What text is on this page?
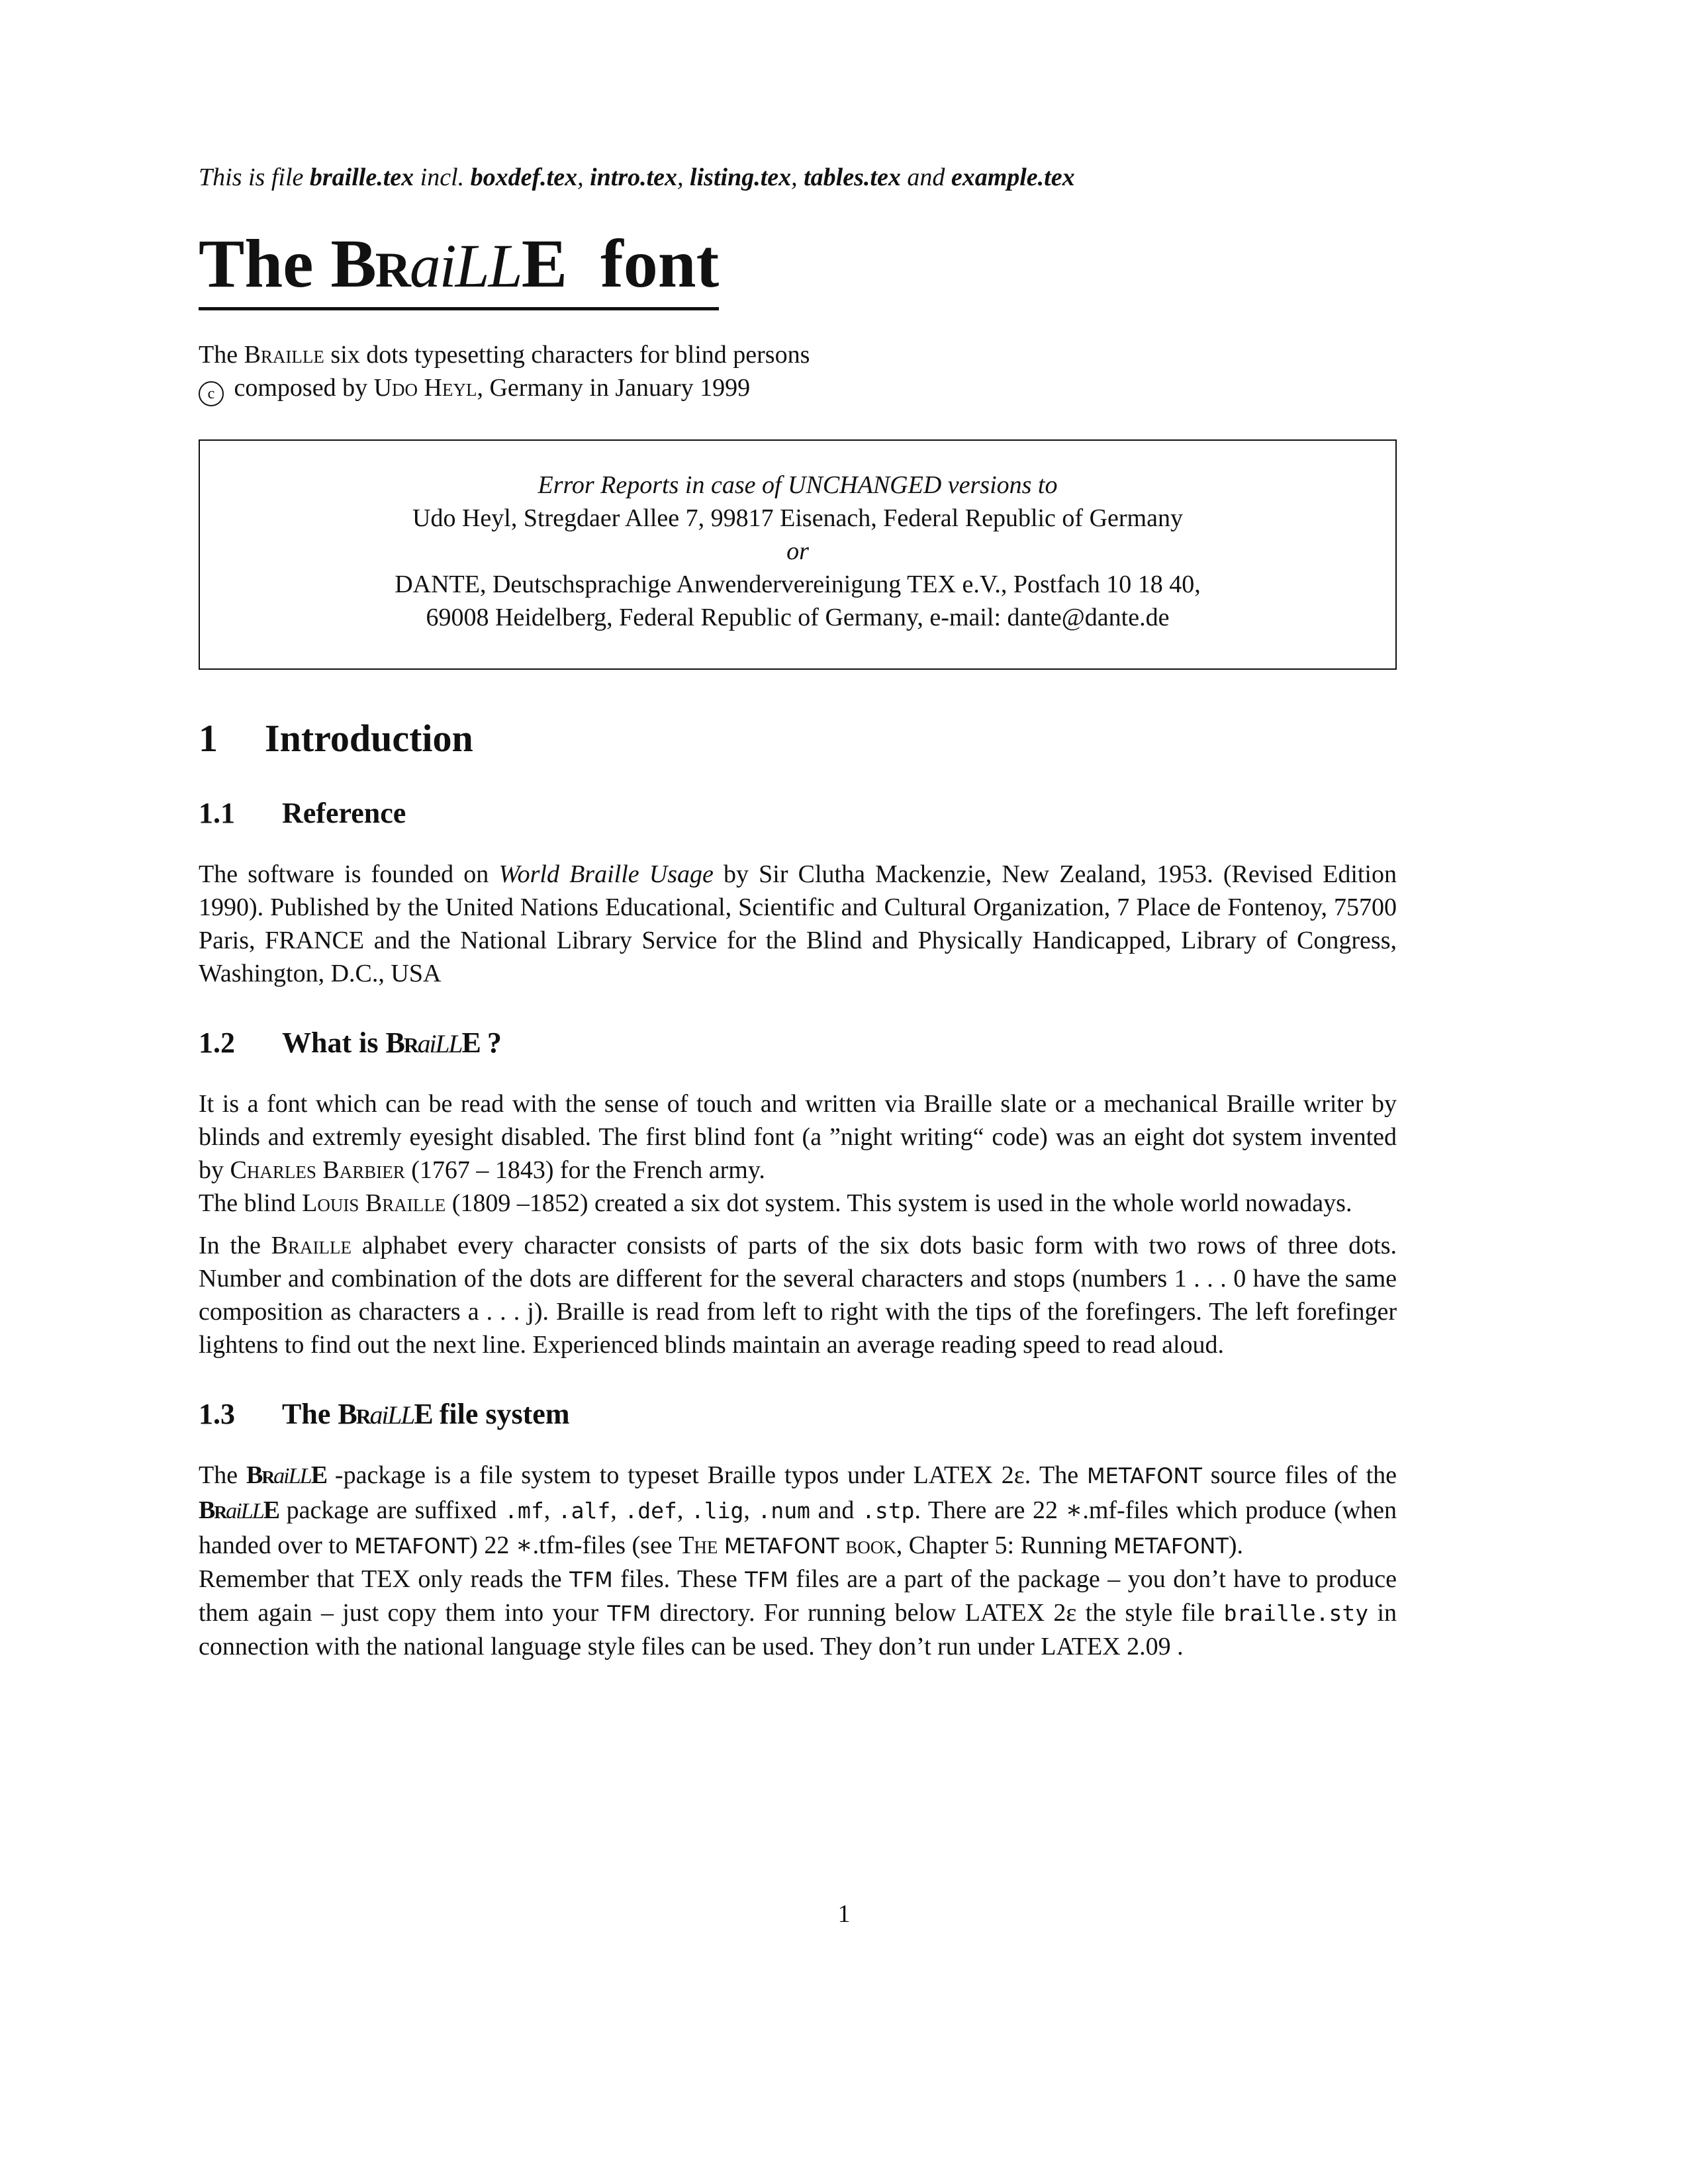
This is file braille.tex incl. boxdef.tex, intro.tex, listing.tex, tables.tex and example.tex
The BRaiLLE font
The Braille six dots typesetting characters for blind persons
c composed by Udo Heyl, Germany in January 1999
Error Reports in case of UNCHANGED versions to
Udo Heyl, Stregdaer Allee 7, 99817 Eisenach, Federal Republic of Germany
or
DANTE, Deutschsprachige Anwendervereinigung TEX e.V., Postfach 10 18 40,
69008 Heidelberg, Federal Republic of Germany, e-mail: dante@dante.de
1 Introduction
1.1 Reference

The software is founded on World Braille Usage by Sir Clutha Mackenzie, New Zealand, 1953. (Revised Edition 1990). Published by the United Nations Educational, Scientific and Cultural Organization, 7 Place de Fontenoy, 75700 Paris, FRANCE and the National Library Service for the Blind and Physically Handicapped, Library of Congress, Washington, D.C., USA

1.2 What is BRaiLLE ?

It is a font which can be read with the sense of touch and written via Braille slate or a mechanical Braille writer by blinds and extremly eyesight disabled. The first blind font (a ”night writing“ code) was an eight dot system invented by Charles Barbier (1767 – 1843) for the French army.
The blind Louis Braille (1809 –1852) created a six dot system. This system is used in the whole world nowadays.

In the Braille alphabet every character consists of parts of the six dots basic form with two rows of three dots. Number and combination of the dots are different for the several characters and stops (numbers 1 . . . 0 have the same composition as characters a . . . j). Braille is read from left to right with the tips of the forefingers. The left forefinger lightens to find out the next line. Experienced blinds maintain an average reading speed to read aloud.

1.3 The BRaiLLE file system

The BRaiLLE -package is a file system to typeset Braille typos under LATEX 2ε. The METAFONT source files of the BRaiLLE package are suffixed .mf, .alf, .def, .lig, .num and .stp. There are 22 ∗.mf-files which produce (when handed over to METAFONT) 22 ∗.tfm-files (see The METAFONT book, Chapter 5: Running METAFONT).
Remember that TEX only reads the TFM files. These TFM files are a part of the package – you don’t have to produce them again – just copy them into your TFM directory. For running below LATEX 2ε the style file braille.sty in connection with the national language style files can be used. They don’t run under LATEX 2.09 .

1
